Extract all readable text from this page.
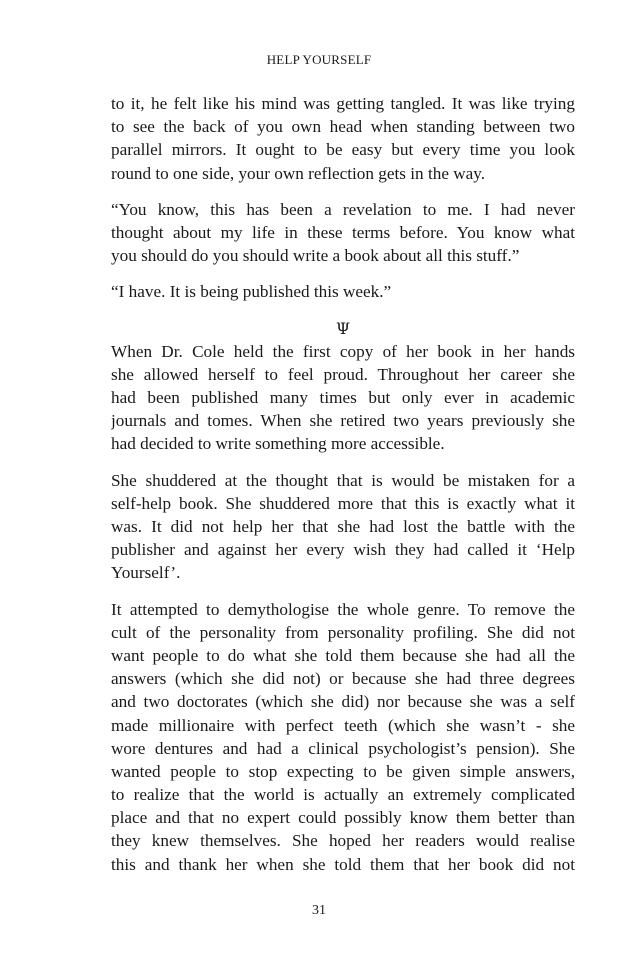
HELP YOURSELF
to it, he felt like his mind was getting tangled. It was like trying
to see the back of you own head when standing between two
parallel mirrors. It ought to be easy but every time you look
round to one side, your own reflection gets in the way.
“You know, this has been a revelation to me. I had never
thought about my life in these terms before. You know what
you should do you should write a book about all this stuff.”
“I have. It is being published this week.”
Ψ
When Dr. Cole held the first copy of her book in her hands
she allowed herself to feel proud. Throughout her career she
had been published many times but only ever in academic
journals and tomes. When she retired two years previously she
had decided to write something more accessible.
She shuddered at the thought that is would be mistaken for a
self-help book. She shuddered more that this is exactly what it
was. It did not help her that she had lost the battle with the
publisher and against her every wish they had called it ‘Help
Yourself’.
It attempted to demythologise the whole genre. To remove the
cult of the personality from personality profiling. She did not
want people to do what she told them because she had all the
answers (which she did not) or because she had three degrees
and two doctorates (which she did) nor because she was a self
made millionaire with perfect teeth (which she wasn’t - she
wore dentures and had a clinical psychologist’s pension). She
wanted people to stop expecting to be given simple answers,
to realize that the world is actually an extremely complicated
place and that no expert could possibly know them better than
they knew themselves. She hoped her readers would realise
this and thank her when she told them that her book did not
31
